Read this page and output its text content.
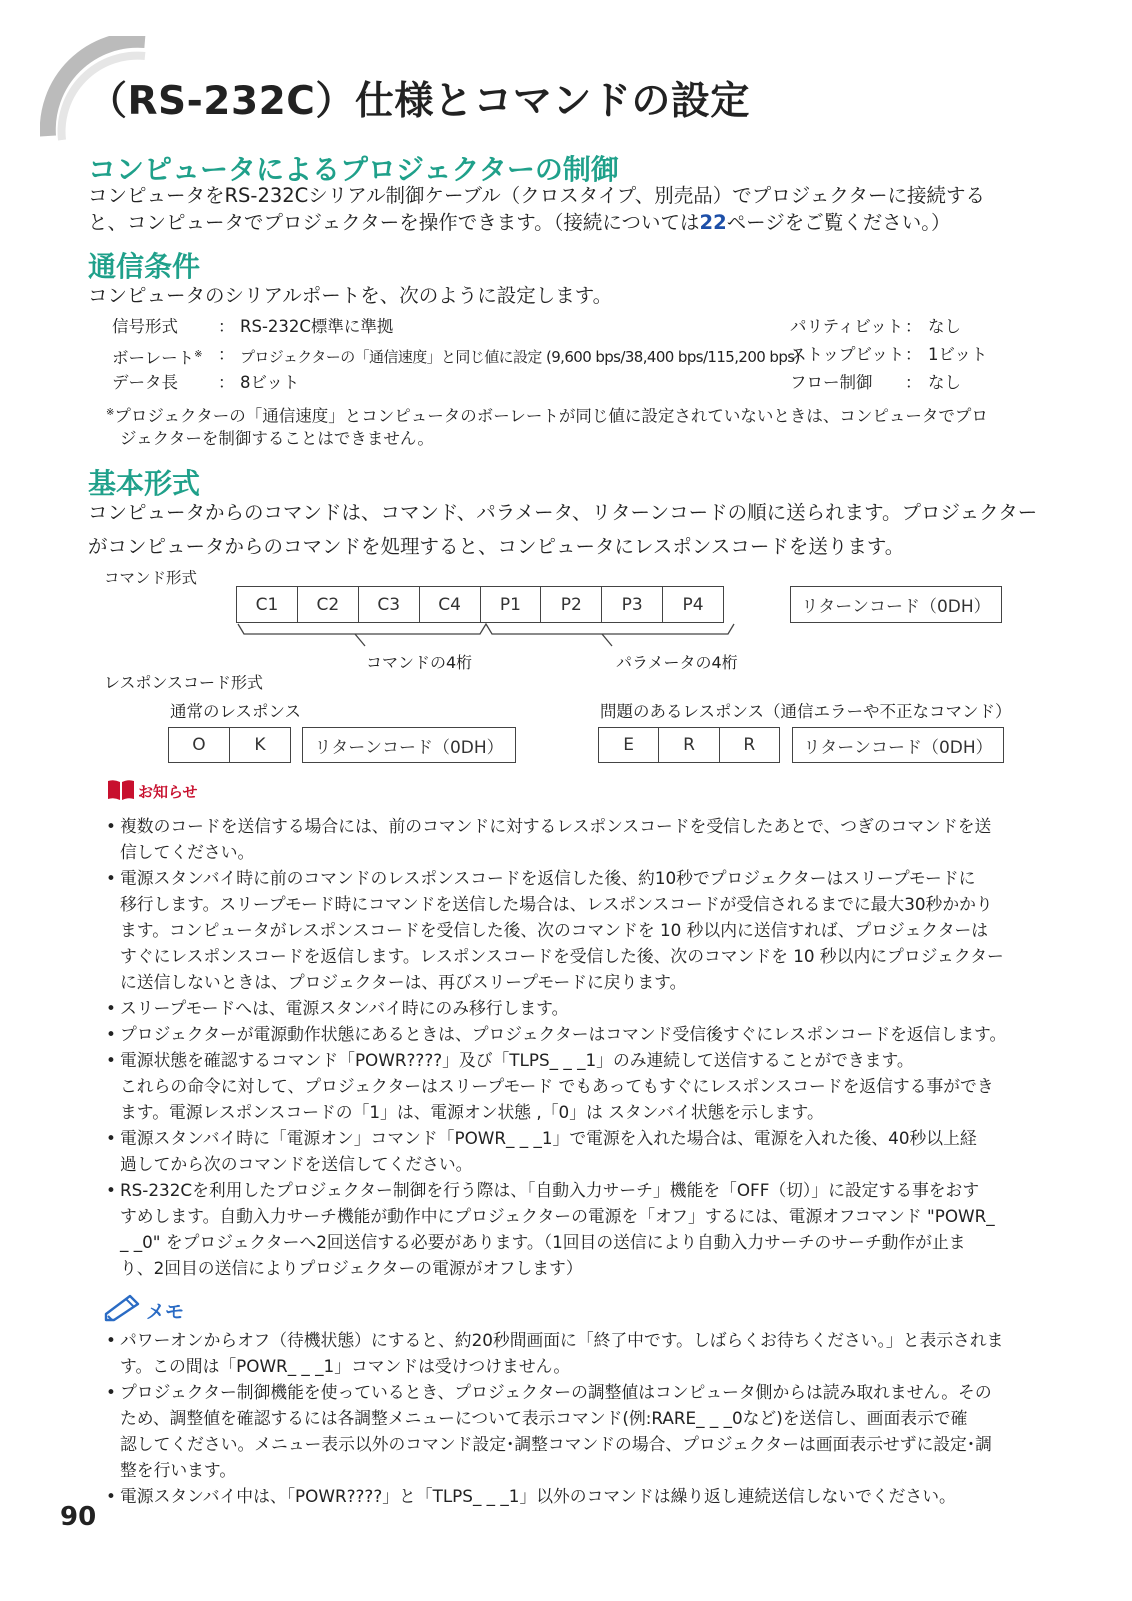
（RS-232C）仕様とコマンドの設定
コンピュータによるプロジェクターの制御
コンピュータをRS-232Cシリアル制御ケーブル（クロスタイプ、別売品）でプロジェクターに接続する
と、コンピュータでプロジェクターを操作できます。（接続については22ページをご覧ください。）
通信条件
コンピュータのシリアルポートを、次のように設定します。
信号形式 ： RS-232C標準に準拠
ボーレート※ ： プロジェクターの「通信速度」と同じ値に設定 (9,600 bps/38,400 bps/115,200 bps)
データ長 ： 8ビット
パリティビット ： なし
ストップビット ： 1ビット
フロー制御 ： なし
※プロジェクターの「通信速度」とコンピュータのボーレートが同じ値に設定されていないときは、コンピュータでプロ
ジェクターを制御することはできません。
基本形式
コンピュータからのコマンドは、コマンド、パラメータ、リターンコードの順に送られます。プロジェクター
がコンピュータからのコマンドを処理すると、コンピュータにレスポンスコードを送ります。
コマンド形式
C1	C2	C3	C4	P1	P2	P3	P4	リターンコード（0DH）
コマンドの4桁	パラメータの4桁
レスポンスコード形式
通常のレスポンス	問題のあるレスポンス（通信エラーや不正なコマンド）
O	K	リターンコード（0DH）	E	R	R	リターンコード（0DH）
お知らせ
• 複数のコードを送信する場合には、前のコマンドに対するレスポンスコードを受信したあとで、つぎのコマンドを送
信してください。
• 電源スタンバイ時に前のコマンドのレスポンスコードを返信した後、約10秒でプロジェクターはスリープモードに
移行します。スリープモード時にコマンドを送信した場合は、レスポンスコードが受信されるまでに最大30秒かかり
ます。コンピュータがレスポンスコードを受信した後、次のコマンドを 10 秒以内に送信すれば、プロジェクターは
すぐにレスポンスコードを返信します。レスポンスコードを受信した後、次のコマンドを 10 秒以内にプロジェクター
に送信しないときは、プロジェクターは、再びスリープモードに戻ります。
• スリープモードへは、電源スタンバイ時にのみ移行します。
• プロジェクターが電源動作状態にあるときは、プロジェクターはコマンド受信後すぐにレスポンコードを返信します。
• 電源状態を確認するコマンド「POWR????」及び「TLPS_ _ _1」のみ連続して送信することができます。
これらの命令に対して、プロジェクターはスリープモード でもあってもすぐにレスポンスコードを返信する事ができ
ます。電源レスポンスコードの「1」は、電源オン状態 ,「0」は スタンバイ状態を示します。
• 電源スタンバイ時に「電源オン」コマンド「POWR_ _ _1」で電源を入れた場合は、電源を入れた後、40秒以上経
過してから次のコマンドを送信してください。
• RS-232Cを利用したプロジェクター制御を行う際は、「自動入力サーチ」機能を「OFF（切）」に設定する事をおす
すめします。自動入力サーチ機能が動作中にプロジェクターの電源を「オフ」するには、電源オフコマンド "POWR_
_ _0" をプロジェクターへ2回送信する必要があります。（1回目の送信により自動入力サーチのサーチ動作が止ま
り、2回目の送信によりプロジェクターの電源がオフします）
メモ
• パワーオンからオフ（待機状態）にすると、約20秒間画面に「終了中です。しばらくお待ちください。」と表示されま
す。この間は「POWR_ _ _1」コマンドは受けつけません。
• プロジェクター制御機能を使っているとき、プロジェクターの調整値はコンピュータ側からは読み取れません。その
ため、調整値を確認するには各調整メニューについて表示コマンド(例:RARE_ _ _0など)を送信し、画面表示で確
認してください。メニュー表示以外のコマンド設定･調整コマンドの場合、プロジェクターは画面表示せずに設定･調
整を行います。
• 電源スタンバイ中は、「POWR????」と「TLPS_ _ _1」以外のコマンドは繰り返し連続送信しないでください。
90
